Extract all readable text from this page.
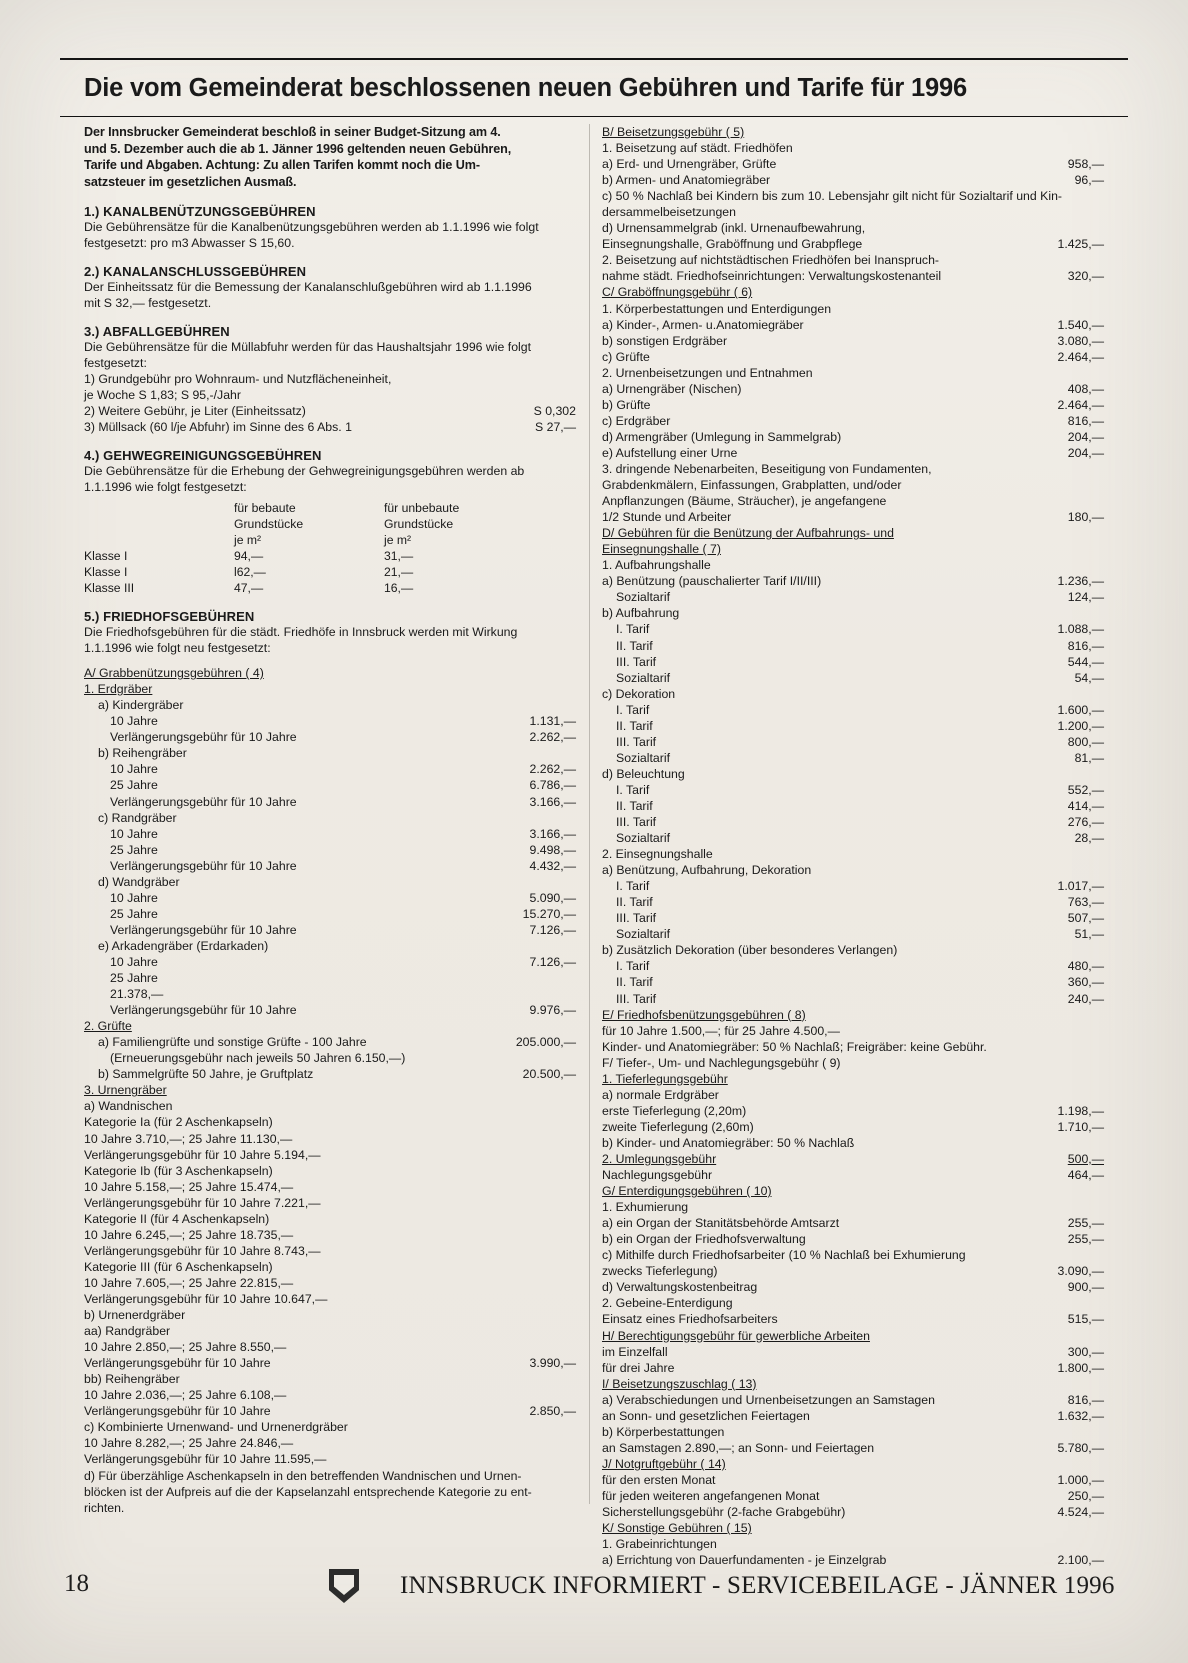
Die vom Gemeinderat beschlossenen neuen Gebühren und Tarife für 1996
Der Innsbrucker Gemeinderat beschloß in seiner Budget-Sitzung am 4.
und 5. Dezember auch die ab 1. Jänner 1996 geltenden neuen Gebühren,
Tarife und Abgaben. Achtung: Zu allen Tarifen kommt noch die Um-
satzsteuer im gesetzlichen Ausmaß.
1.) KANALBENÜTZUNGSGEBÜHREN
Die Gebührensätze für die Kanalbenützungsgebühren werden ab 1.1.1996 wie folgt
festgesetzt: pro m3 Abwasser S 15,60.
2.) KANALANSCHLUSSGEBÜHREN
Der Einheitssatz für die Bemessung der Kanalanschlußgebühren wird ab 1.1.1996
mit S 32,— festgesetzt.
3.) ABFALLGEBÜHREN
Die Gebührensätze für die Müllabfuhr werden für das Haushaltsjahr 1996 wie folgt
festgesetzt:
1) Grundgebühr pro Wohnraum- und Nutzflächeneinheit,
je Woche S 1,83; S 95,-/Jahr
2) Weitere Gebühr, je Liter (Einheitssatz)	S 0,302
3) Müllsack (60 l/je Abfuhr) im Sinne des 6 Abs. 1	S 27,—
4.) GEHWEGREINIGUNGSGEBÜHREN
Die Gebührensätze für die Erhebung der Gehwegreinigungsgebühren werden ab
1.1.1996 wie folgt festgesetzt:
für bebaute	für unbebaute
Grundstücke	Grundstücke
je m²	je m²
Klasse I	94,—	31,—
Klasse I	l62,—	21,—
Klasse III	47,—	16,—
5.) FRIEDHOFSGEBÜHREN
Die Friedhofsgebühren für die städt. Friedhöfe in Innsbruck werden mit Wirkung
1.1.1996 wie folgt neu festgesetzt:
A/ Grabbenützungsgebühren ( 4)
1. Erdgräber
a) Kindergräber
10 Jahre	1.131,—
Verlängerungsgebühr für 10 Jahre	2.262,—
b) Reihengräber
10 Jahre	2.262,—
25 Jahre	6.786,—
Verlängerungsgebühr für 10 Jahre	3.166,—
c) Randgräber
10 Jahre	3.166,—
25 Jahre	9.498,—
Verlängerungsgebühr für 10 Jahre	4.432,—
d) Wandgräber
10 Jahre	5.090,—
25 Jahre	15.270,—
Verlängerungsgebühr für 10 Jahre	7.126,—
e) Arkadengräber (Erdarkaden)
10 Jahre	7.126,—
25 Jahre
21.378,—
Verlängerungsgebühr für 10 Jahre	9.976,—
2. Grüfte
a) Familiengrüfte und sonstige Grüfte - 100 Jahre	205.000,—
(Erneuerungsgebühr nach jeweils 50 Jahren 6.150,—)
b) Sammelgrüfte 50 Jahre, je Gruftplatz	20.500,—
3. Urnengräber
a) Wandnischen
Kategorie Ia (für 2 Aschenkapseln)
10 Jahre 3.710,—; 25 Jahre 11.130,—
Verlängerungsgebühr für 10 Jahre 5.194,—
Kategorie Ib (für 3 Aschenkapseln)
10 Jahre 5.158,—; 25 Jahre 15.474,—
Verlängerungsgebühr für 10 Jahre 7.221,—
Kategorie II (für 4 Aschenkapseln)
10 Jahre 6.245,—; 25 Jahre 18.735,—
Verlängerungsgebühr für 10 Jahre 8.743,—
Kategorie III (für 6 Aschenkapseln)
10 Jahre 7.605,—; 25 Jahre 22.815,—
Verlängerungsgebühr für 10 Jahre 10.647,—
b) Urnenerdgräber
aa) Randgräber
10 Jahre 2.850,—; 25 Jahre 8.550,—
Verlängerungsgebühr für 10 Jahre	3.990,—
bb) Reihengräber
10 Jahre 2.036,—; 25 Jahre 6.108,—
Verlängerungsgebühr für 10 Jahre	2.850,—
c) Kombinierte Urnenwand- und Urnenerdgräber
10 Jahre 8.282,—; 25 Jahre 24.846,—
Verlängerungsgebühr für 10 Jahre 11.595,—
d) Für überzählige Aschenkapseln in den betreffenden Wandnischen und Urnen-
blöcken ist der Aufpreis auf die der Kapselanzahl entsprechende Kategorie zu ent-
richten.
B/ Beisetzungsgebühr ( 5)
1. Beisetzung auf städt. Friedhöfen
a) Erd- und Urnengräber, Grüfte	958,—
b) Armen- und Anatomiegräber	96,—
c) 50 % Nachlaß bei Kindern bis zum 10. Lebensjahr gilt nicht für Sozialtarif und Kin-
dersammelbeisetzungen
d) Urnensammelgrab (inkl. Urnenaufbewahrung,
Einsegnungshalle, Graböffnung und Grabpflege	1.425,—
2. Beisetzung auf nichtstädtischen Friedhöfen bei Inanspruch-
nahme städt. Friedhofseinrichtungen: Verwaltungskostenanteil	320,—
C/ Graböffnungsgebühr ( 6)
1. Körperbestattungen und Enterdigungen
a) Kinder-, Armen- u.Anatomiegräber	1.540,—
b) sonstigen Erdgräber	3.080,—
c) Grüfte	2.464,—
2. Urnenbeisetzungen und Entnahmen
a) Urnengräber (Nischen)	408,—
b) Grüfte	2.464,—
c) Erdgräber	816,—
d) Armengräber (Umlegung in Sammelgrab)	204,—
e) Aufstellung einer Urne	204,—
3. dringende Nebenarbeiten, Beseitigung von Fundamenten,
Grabdenkmälern, Einfassungen, Grabplatten, und/oder
Anpflanzungen (Bäume, Sträucher), je angefangene
1/2 Stunde und Arbeiter	180,—
D/ Gebühren für die Benützung der Aufbahrungs- und
Einsegnungshalle ( 7)
1. Aufbahrungshalle
a) Benützung (pauschalierter Tarif I/II/III)	1.236,—
Sozialtarif	124,—
b) Aufbahrung
I. Tarif	1.088,—
II. Tarif	816,—
III. Tarif	544,—
Sozialtarif	54,—
c) Dekoration
I. Tarif	1.600,—
II. Tarif	1.200,—
III. Tarif	800,—
Sozialtarif	81,—
d) Beleuchtung
I. Tarif	552,—
II. Tarif	414,—
III. Tarif	276,—
Sozialtarif	28,—
2. Einsegnungshalle
a) Benützung, Aufbahrung, Dekoration
I. Tarif	1.017,—
II. Tarif	763,—
III. Tarif	507,—
Sozialtarif	51,—
b) Zusätzlich Dekoration (über besonderes Verlangen)
I. Tarif	480,—
II. Tarif	360,—
III. Tarif	240,—
E/ Friedhofsbenützungsgebühren ( 8)
für 10 Jahre 1.500,—; für 25 Jahre 4.500,—
Kinder- und Anatomiegräber: 50 % Nachlaß; Freigräber: keine Gebühr.
F/ Tiefer-, Um- und Nachlegungsgebühr ( 9)
1. Tieferlegungsgebühr
a) normale Erdgräber
erste Tieferlegung (2,20m)	1.198,—
zweite Tieferlegung (2,60m)	1.710,—
b) Kinder- und Anatomiegräber: 50 % Nachlaß
2. Umlegungsgebühr	500,—
Nachlegungsgebühr	464,—
G/ Enterdigungsgebühren ( 10)
1. Exhumierung
a) ein Organ der Stanitätsbehörde Amtsarzt	255,—
b) ein Organ der Friedhofsverwaltung	255,—
c) Mithilfe durch Friedhofsarbeiter (10 % Nachlaß bei Exhumierung
zwecks Tieferlegung)	3.090,—
d) Verwaltungskostenbeitrag	900,—
2. Gebeine-Enterdigung
Einsatz eines Friedhofsarbeiters	515,—
H/ Berechtigungsgebühr für gewerbliche Arbeiten
im Einzelfall	300,—
für drei Jahre	1.800,—
I/ Beisetzungszuschlag ( 13)
a) Verabschiedungen und Urnenbeisetzungen an Samstagen	816,—
an Sonn- und gesetzlichen Feiertagen	1.632,—
b) Körperbestattungen
an Samstagen 2.890,—; an Sonn- und Feiertagen	5.780,—
J/ Notgruftgebühr ( 14)
für den ersten Monat	1.000,—
für jeden weiteren angefangenen Monat	250,—
Sicherstellungsgebühr (2-fache Grabgebühr)	4.524,—
K/ Sonstige Gebühren ( 15)
1. Grabeinrichtungen
a) Errichtung von Dauerfundamenten - je Einzelgrab	2.100,—
18	INNSBRUCK INFORMIERT - SERVICEBEILAGE - JÄNNER 1996
